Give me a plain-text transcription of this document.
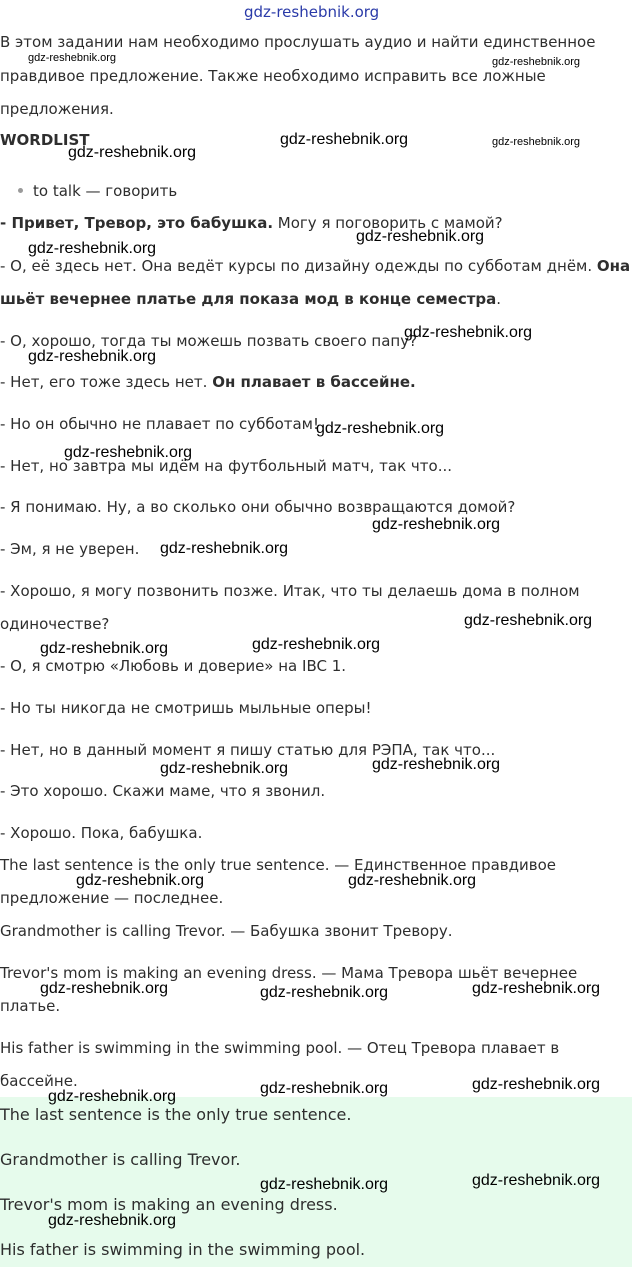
gdz-reshebnik.org
В этом задании нам необходимо прослушать аудио и найти единственное
правдивое предложение. Также необходимо исправить все ложные
предложения.
WORDLIST
to talk — говорить
- Привет, Тревор, это бабушка. Могу я поговорить с мамой?
- О, её здесь нет. Она ведёт курсы по дизайну одежды по субботам днём. Она
шьёт вечернее платье для показа мод в конце семестра.
- О, хорошо, тогда ты можешь позвать своего папу?
- Нет, его тоже здесь нет. Он плавает в бассейне.
- Но он обычно не плавает по субботам!
- Нет, но завтра мы идём на футбольный матч, так что...
- Я понимаю. Ну, а во сколько они обычно возвращаются домой?
- Эм, я не уверен.
- Хорошо, я могу позвонить позже. Итак, что ты делаешь дома в полном
одиночестве?
- О, я смотрю «Любовь и доверие» на IBC 1.
- Но ты никогда не смотришь мыльные оперы!
- Нет, но в данный момент я пишу статью для РЭПА, так что...
- Это хорошо. Скажи маме, что я звонил.
- Хорошо. Пока, бабушка.
The last sentence is the only true sentence. — Единственное правдивое
предложение — последнее.
Grandmother is calling Trevor. — Бабушка звонит Тревору.
Trevor's mom is making an evening dress. — Мама Тревора шьёт вечернее
платье.
His father is swimming in the swimming pool. — Отец Тревора плавает в
бассейне.
The last sentence is the only true sentence.
Grandmother is calling Trevor.
Trevor's mom is making an evening dress.
His father is swimming in the swimming pool.
gdz-reshebnik.org	gdz-reshebnik.org
gdz-reshebnik.org	gdz-reshebnik.org
gdz-reshebnik.org
gdz-reshebnik.org
gdz-reshebnik.org
gdz-reshebnik.org
gdz-reshebnik.org
gdz-reshebnik.org
gdz-reshebnik.org
gdz-reshebnik.org
gdz-reshebnik.org
gdz-reshebnik.org
gdz-reshebnik.org
gdz-reshebnik.org
gdz-reshebnik.org
gdz-reshebnik.org
gdz-reshebnik.org	gdz-reshebnik.org
gdz-reshebnik.org	gdz-reshebnik.org
gdz-reshebnik.org
gdz-reshebnik.org
gdz-reshebnik.org
gdz-reshebnik.org
gdz-reshebnik.org
gdz-reshebnik.org
gdz-reshebnik.org
